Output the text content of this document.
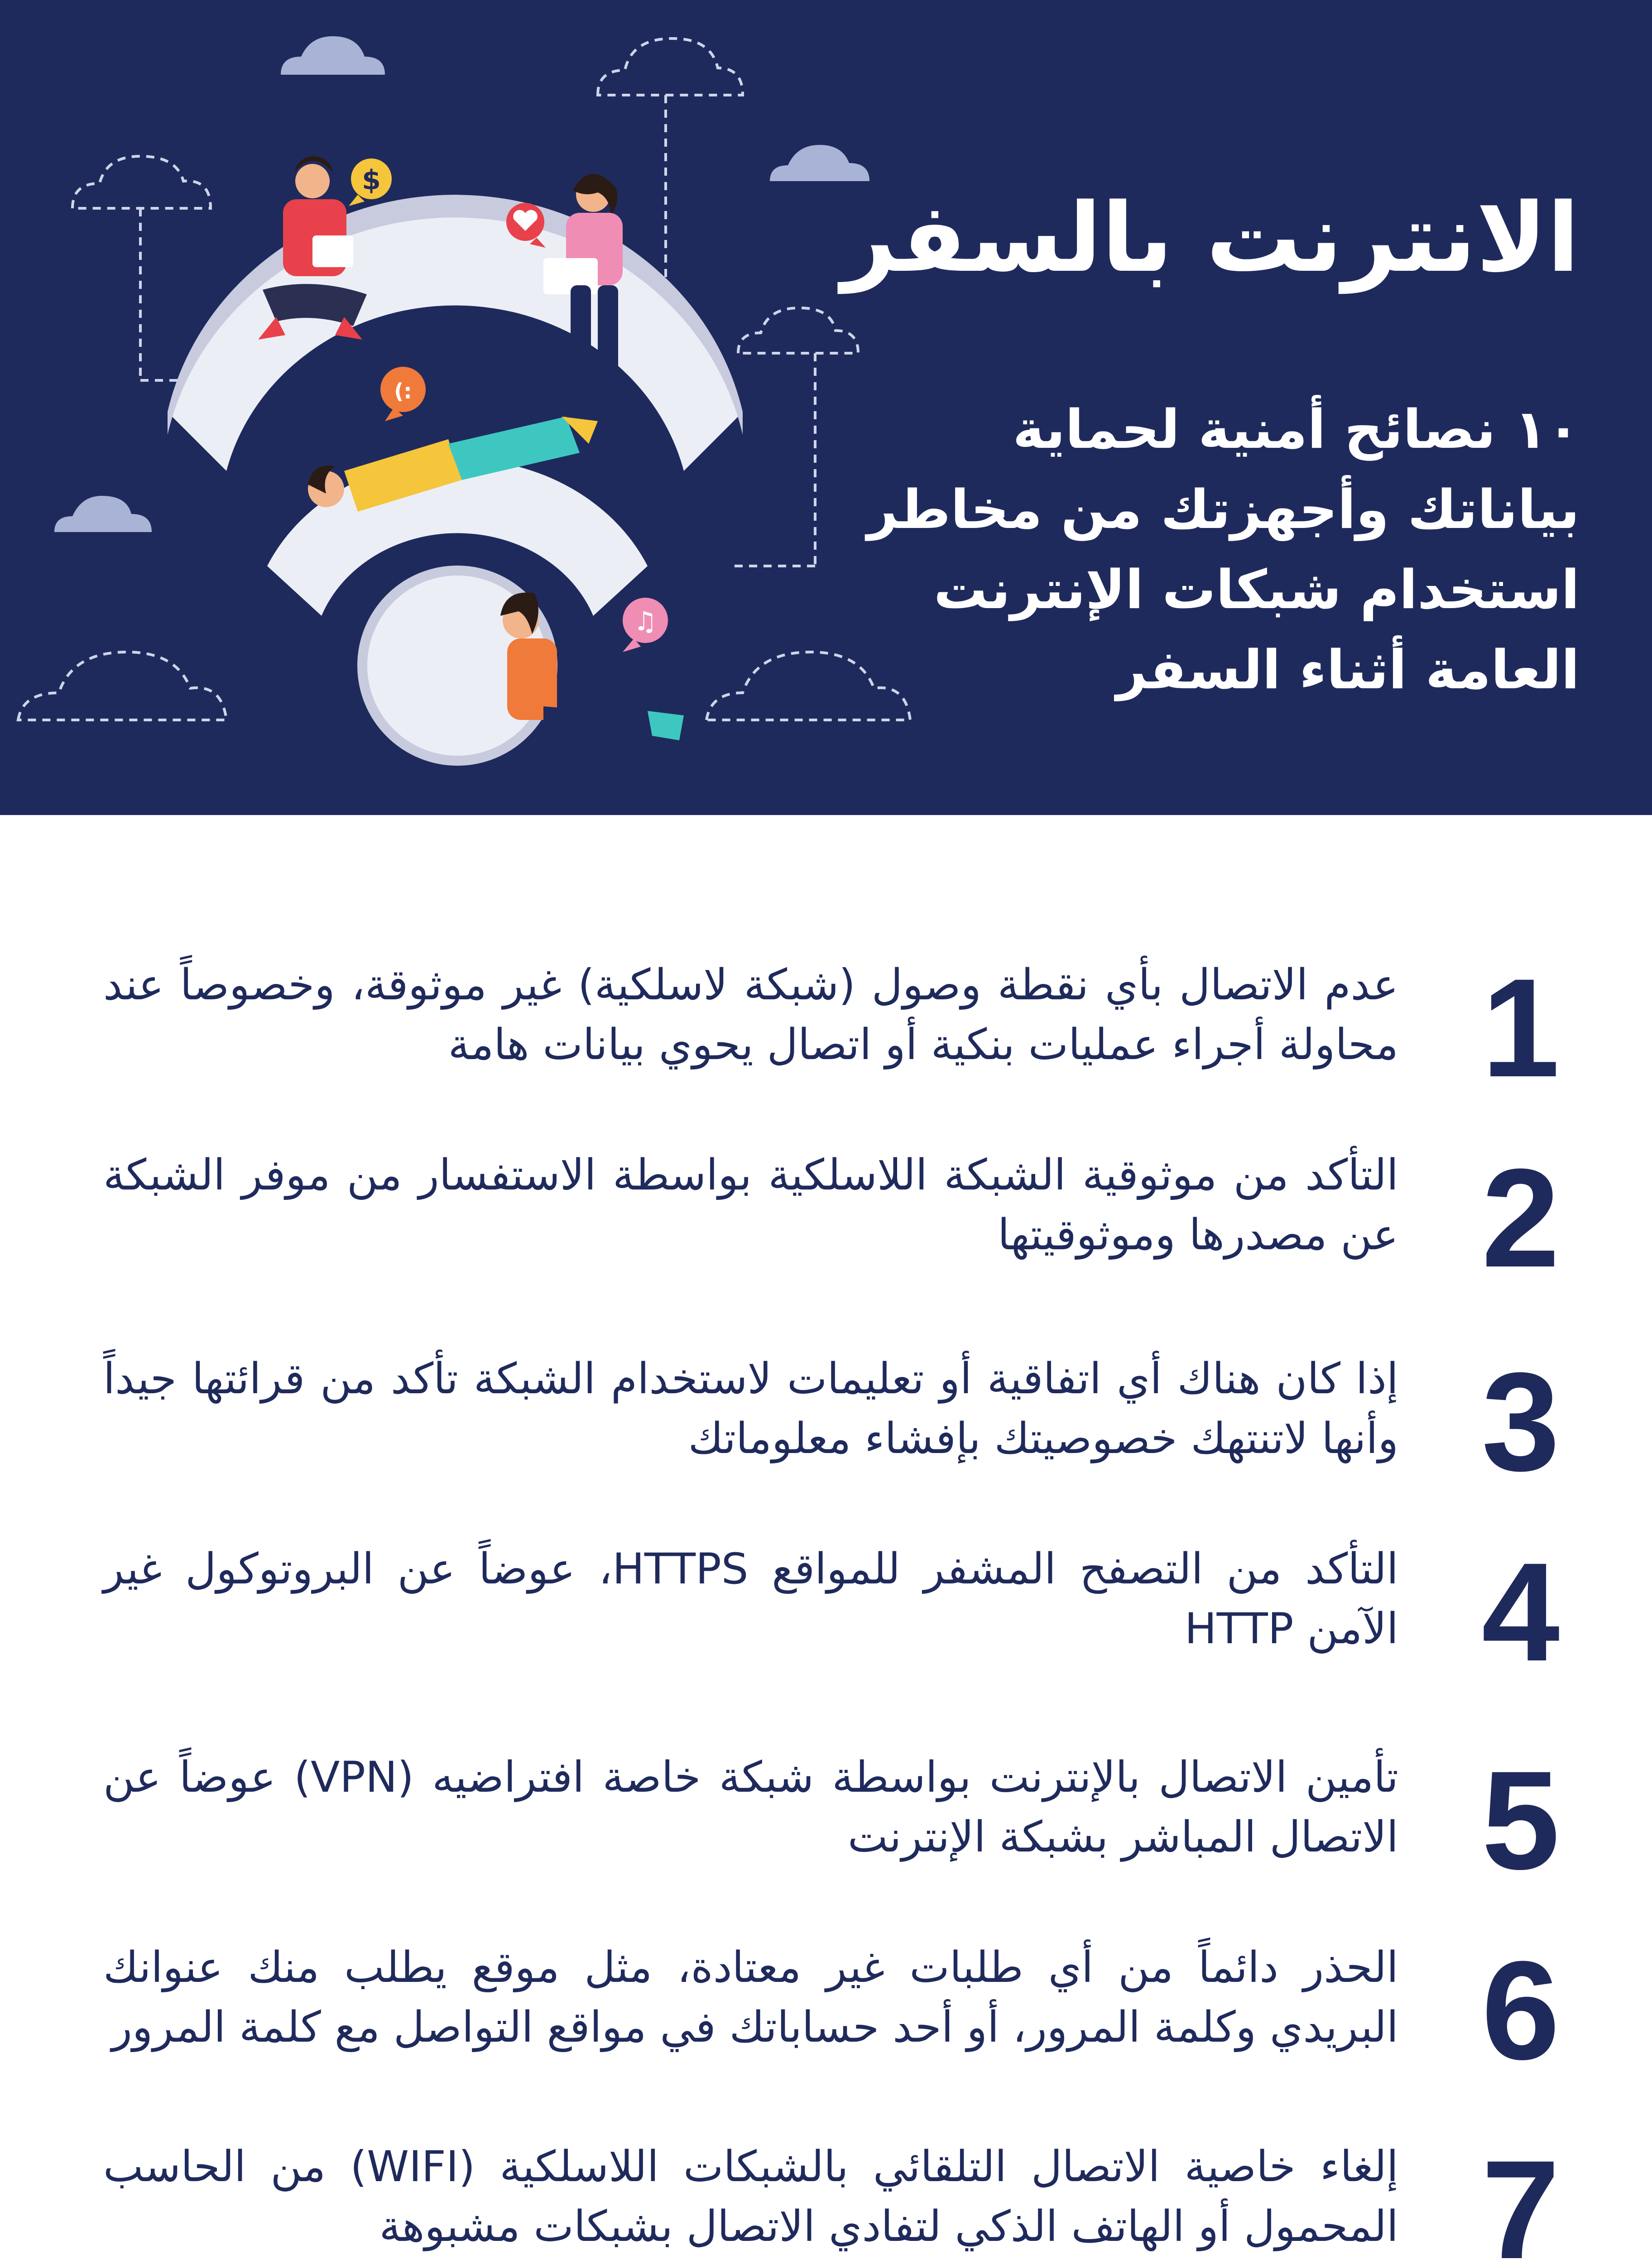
الانترنت بالسفر

١٠ نصائح أمنية لحماية بياناتك وأجهزتك من مخاطر استخدام شبكات الإنترنت العامة أثناء السفر

$
:)
♫
1
عدم الاتصال بأي نقطة وصول (شبكة لاسلكية) غير موثوقة، وخصوصاً عند محاولة أجراء عمليات بنكية أو اتصال يحوي بيانات هامة
2
التأكد من موثوقية الشبكة اللاسلكية بواسطة الاستفسار من موفر الشبكة عن مصدرها وموثوقيتها
3
إذا كان هناك أي اتفاقية أو تعليمات لاستخدام الشبكة تأكد من قرائتها جيداً وأنها لاتنتهك خصوصيتك بإفشاء معلوماتك
4
التأكد من التصفح المشفر للمواقع HTTPS، عوضاً عن البروتوكول غير الآمن HTTP
5
تأمين الاتصال بالإنترنت بواسطة شبكة خاصة افتراضيه (VPN) عوضاً عن الاتصال المباشر بشبكة الإنترنت
6
الحذر دائماً من أي طلبات غير معتادة، مثل موقع يطلب منك عنوانك البريدي وكلمة المرور، أو أحد حساباتك في مواقع التواصل مع كلمة المرور
7
إلغاء خاصية الاتصال التلقائي بالشبكات اللاسلكية (WIFI) من الحاسب المحمول أو الهاتف الذكي لتفادي الاتصال بشبكات مشبوهة
